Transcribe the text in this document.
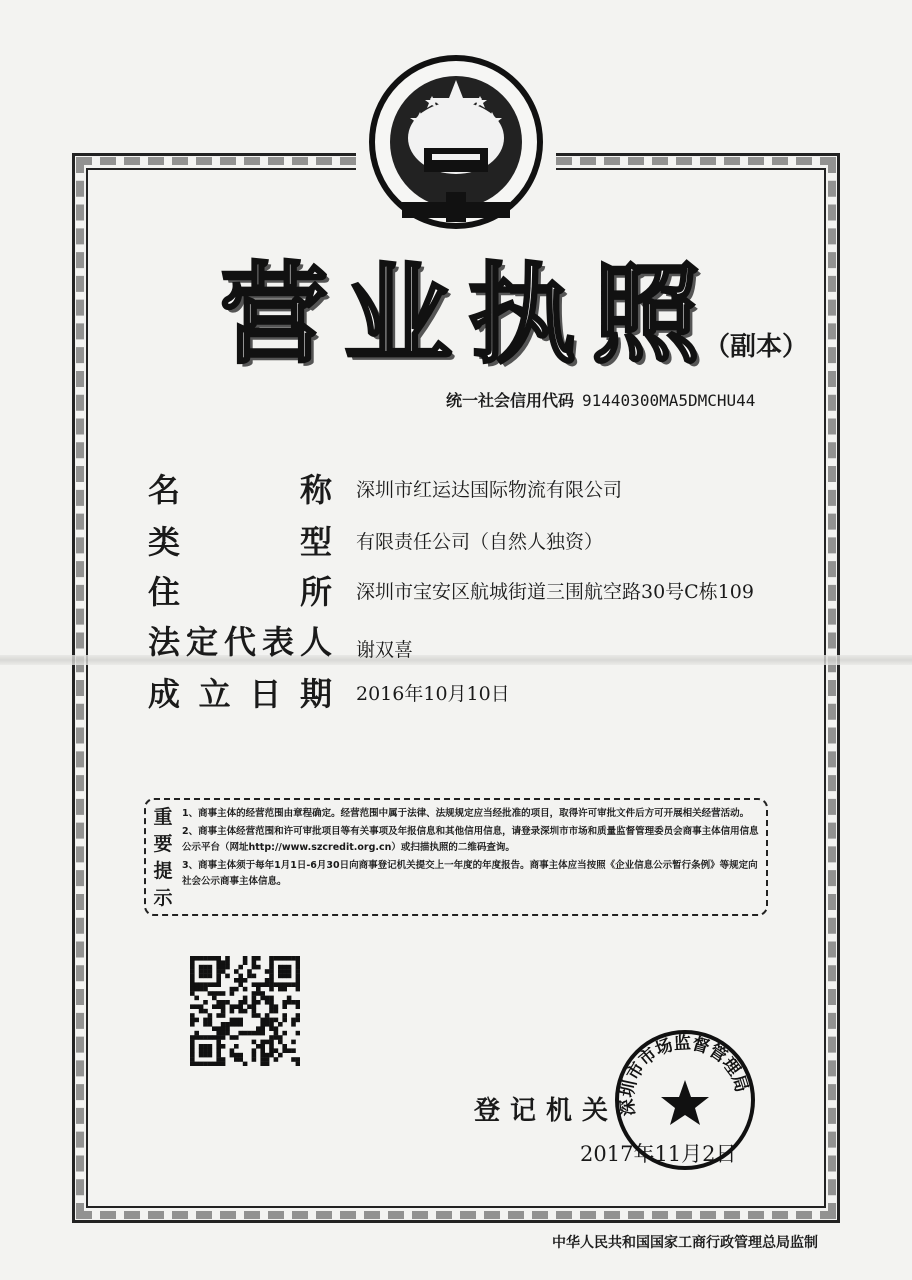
营 业 执 照 （副本）
统一社会信用代码 91440300MA5DMCHU44
名	称 深圳市红运达国际物流有限公司
类	型 有限责任公司（自然人独资）
住	所 深圳市宝安区航城街道三围航空路30号C栋109
法 定 代 表 人 谢双喜
成 立 日 期 2016年10月10日
重
要
提
示

1、商事主体的经营范围由章程确定。经营范围中属于法律、法规规定应当经批准的项目，取得许可审批文件后方可开展相关经营活动。

2、商事主体经营范围和许可审批项目等有关事项及年报信息和其他信用信息，请登录深圳市市场和质量监督管理委员会商事主体信用信息公示平台（网址http://www.szcredit.org.cn）或扫描执照的二维码查询。

3、商事主体须于每年1月1日-6月30日向商事登记机关提交上一年度的年度报告。商事主体应当按照《企业信息公示暂行条例》等规定向社会公示商事主体信息。

登记机关
2017年11月2日
深圳市市场监督管理局
中华人民共和国国家工商行政管理总局监制
